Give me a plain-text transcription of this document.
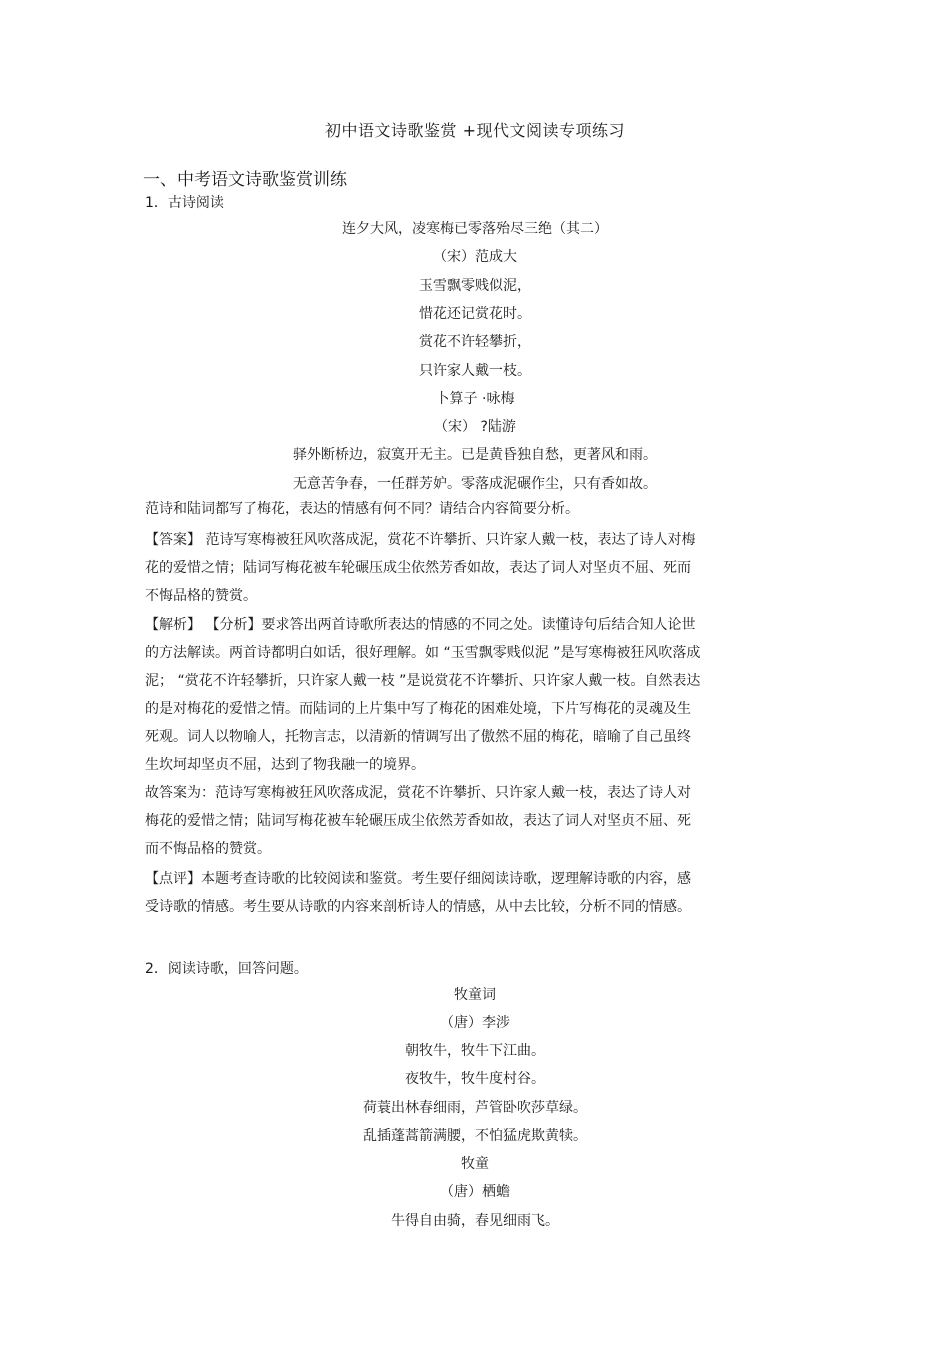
初中语文诗歌鉴赏 +现代文阅读专项练习
一、中考语文诗歌鉴赏训练
1．古诗阅读
连夕大风，凌寒梅已零落殆尽三绝（其二）
（宋）范成大
玉雪飘零贱似泥，
惜花还记赏花时。
赏花不许轻攀折，
只许家人戴一枝。
卜算子 ·咏梅
（宋） ?陆游
驿外断桥边，寂寞开无主。已是黄昏独自愁，更著风和雨。
无意苦争春，一任群芳妒。零落成泥碾作尘，只有香如故。
范诗和陆词都写了梅花，表达的情感有何不同？请结合内容简要分析。
【答案】 范诗写寒梅被狂风吹落成泥，赏花不许攀折、只许家人戴一枝，表达了诗人对梅
花的爱惜之情；陆词写梅花被车轮碾压成尘依然芳香如故，表达了词人对坚贞不屈、死而
不悔品格的赞赏。
【解析】 【分析】要求答出两首诗歌所表达的情感的不同之处。读懂诗句后结合知人论世
的方法解读。两首诗都明白如话，很好理解。如 “玉雪飘零贱似泥 ”是写寒梅被狂风吹落成
泥； “赏花不许轻攀折，只许家人戴一枝 ”是说赏花不许攀折、只许家人戴一枝。自然表达
的是对梅花的爱惜之情。而陆词的上片集中写了梅花的困难处境，下片写梅花的灵魂及生
死观。词人以物喻人，托物言志，以清新的情调写出了傲然不屈的梅花，暗喻了自己虽终
生坎坷却坚贞不屈，达到了物我融一的境界。
故答案为：范诗写寒梅被狂风吹落成泥，赏花不许攀折、只许家人戴一枝，表达了诗人对
梅花的爱惜之情；陆词写梅花被车轮碾压成尘依然芳香如故，表达了词人对坚贞不屈、死
而不悔品格的赞赏。
【点评】本题考查诗歌的比较阅读和鉴赏。考生要仔细阅读诗歌，逻理解诗歌的内容，感
受诗歌的情感。考生要从诗歌的内容来剖析诗人的情感，从中去比较，分析不同的情感。
2．阅读诗歌，回答问题。
牧童词
（唐）李涉
朝牧牛，牧牛下江曲。
夜牧牛，牧牛度村谷。
荷蓑出林春细雨，芦管卧吹莎草绿。
乱插蓬蒿箭满腰，不怕猛虎欺黄犊。
牧童
（唐）栖蟾
牛得自由骑，春见细雨飞。
